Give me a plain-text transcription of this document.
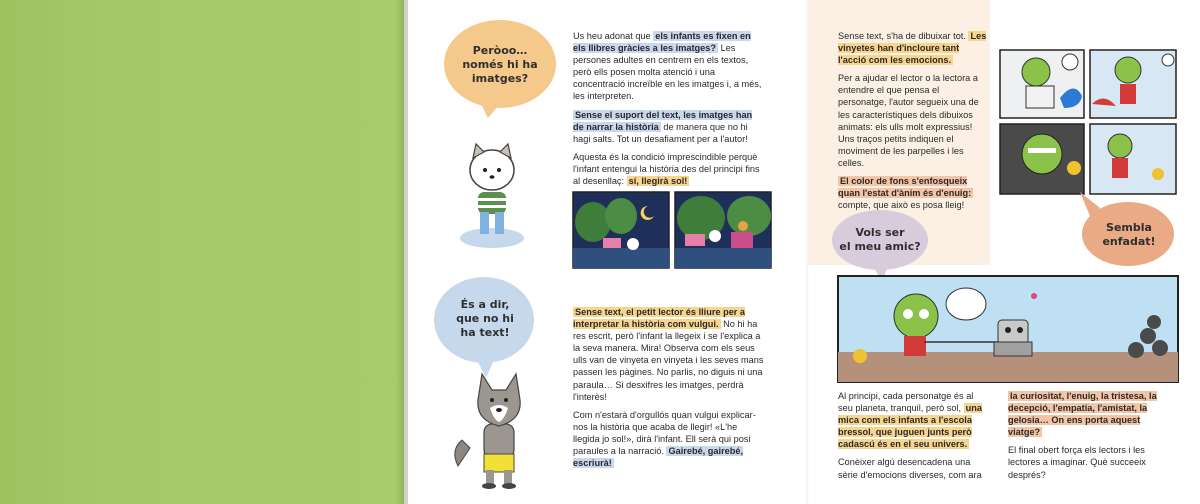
Peròoo…
només hi ha
imatges?

Us heu adonat que els infants es fixen en els llibres gràcies a les imatges? Les persones adultes en centrem en els textos, però ells posen molta atenció i una concentració increïble en les imatges i, a més, les interpreten.

Sense el suport del text, les imatges han de narrar la història de manera que no hi hagi salts. Tot un desafiament per a l'autor!

Aquesta és la condició imprescindible perquè l'infant entengui la història des del principi fins al desenllaç: sí, llegirà sol!

És a dir,
que no hi
ha text!

Sense text, el petit lector és lliure per a interpretar la història com vulgui. No hi ha res escrit, però l'infant la llegeix i se l'explica a la seva manera. Mira! Observa com els seus ulls van de vinyeta en vinyeta i les seves mans passen les pàgines. No parlis, no diguis ni una paraula… Si desxifres les imatges, perdrà l'interès!

Com n'estarà d'orgullós quan vulgui explicar-nos la història que acaba de llegir! «L'he llegida jo sol!», dirà l'infant. Ell serà qui posi paraules a la narració. Gairebé, gairebé, escriurà!

Sense text, s'ha de dibuixar tot. Les vinyetes han d'incloure tant l'acció com les emocions.

Per a ajudar el lector o la lectora a entendre el que pensa el personatge, l'autor segueix una de les característiques dels dibuixos animats: els ulls molt expressius! Uns traços petits indiquen el moviment de les parpelles i les celles.

El color de fons s'enfosqueix quan l'estat d'ànim és d'enuig: compte, que això es posa lleig!

Sembla
enfadat!
Vols ser
el meu amic?

Al principi, cada personatge és al seu planeta, tranquil, però sol, una mica com els infants a l'escola bressol, que juguen junts però cadascú és en el seu univers.

Conèixer algú desencadena una sèrie d'emocions diverses, com ara

la curiositat, l'enuig, la tristesa, la decepció, l'empatia, l'amistat, la gelosia… On ens porta aquest viatge?

El final obert força els lectors i les lectores a imaginar. Què succeeix després?
